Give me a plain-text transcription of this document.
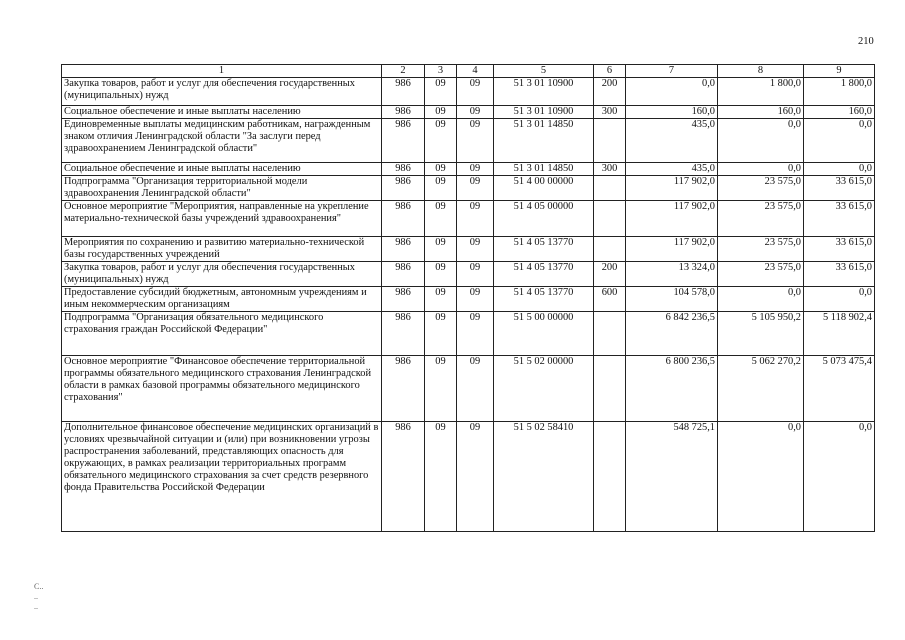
210
1	2	3	4	5	6	7	8	9
Закупка товаров, работ и услуг для обеспечения государственных (муниципальных) нужд	986	09	09	51 3 01 10900	200	0,0	1 800,0	1 800,0
Социальное обеспечение и иные выплаты населению	986	09	09	51 3 01 10900	300	160,0	160,0	160,0
Единовременные выплаты медицинским работникам, награжденным знаком отличия Ленинградской области "За заслуги перед здравоохранением Ленинградской области"	986	09	09	51 3 01 14850		435,0	0,0	0,0
Социальное обеспечение и иные выплаты населению	986	09	09	51 3 01 14850	300	435,0	0,0	0,0
Подпрограмма "Организация территориальной модели здравоохранения Ленинградской области"	986	09	09	51 4 00 00000		117 902,0	23 575,0	33 615,0
Основное мероприятие "Мероприятия, направленные на укрепление материально-технической базы учреждений здравоохранения"	986	09	09	51 4 05 00000		117 902,0	23 575,0	33 615,0
Мероприятия по сохранению и развитию материально-технической базы государственных учреждений	986	09	09	51 4 05 13770		117 902,0	23 575,0	33 615,0
Закупка товаров, работ и услуг для обеспечения государственных (муниципальных) нужд	986	09	09	51 4 05 13770	200	13 324,0	23 575,0	33 615,0
Предоставление субсидий бюджетным, автономным учреждениям и иным некоммерческим организациям	986	09	09	51 4 05 13770	600	104 578,0	0,0	0,0
Подпрограмма "Организация обязательного медицинского страхования граждан Российской Федерации"	986	09	09	51 5 00 00000		6 842 236,5	5 105 950,2	5 118 902,4
Основное мероприятие "Финансовое обеспечение территориальной программы обязательного медицинского страхования Ленинградской области в рамках базовой программы обязательного медицинского страхования"	986	09	09	51 5 02 00000		6 800 236,5	5 062 270,2	5 073 475,4
Дополнительное финансовое обеспечение медицинских организаций в условиях чрезвычайной ситуации и (или) при возникновении угрозы распространения заболеваний, представляющих опасность для окружающих, в рамках реализации территориальных программ обязательного медицинского страхования за счет средств резервного фонда Правительства Российской Федерации	986	09	09	51 5 02 58410		548 725,1	0,0	0,0
С..
..
..
